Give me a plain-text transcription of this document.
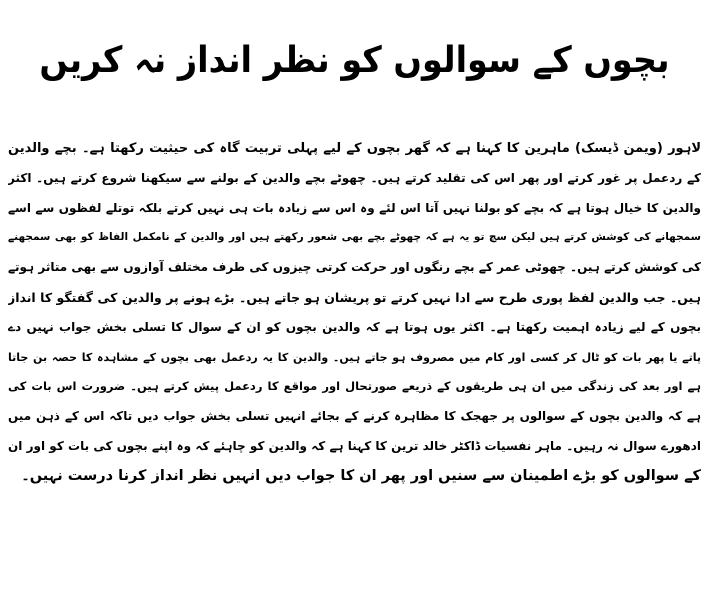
بچوں کے سوالوں کو نظر انداز نہ کریں
لاہور (ویمن ڈیسک) ماہرین کا کہنا ہے کہ گھر بچوں کے لیے پہلی تربیت گاہ کی حیثیت رکھتا ہے۔ بچے والدین
کے ردعمل پر غور کرتے اور پھر اس کی تقلید کرتے ہیں۔ چھوٹے بچے والدین کے بولنے سے سیکھنا شروع کرتے ہیں۔ اکثر
والدین کا خیال ہوتا ہے کہ بچے کو بولنا نہیں آتا اس لئے وہ اس سے زیادہ بات ہی نہیں کرتے بلکہ توتلے لفظوں سے اسے
سمجھانے کی کوشش کرتے ہیں لیکن سچ تو یہ ہے کہ چھوٹے بچے بھی شعور رکھتے ہیں اور والدین کے نامکمل الفاظ کو بھی سمجھنے
کی کوشش کرتے ہیں۔ چھوٹی عمر کے بچے رنگوں اور حرکت کرتی چیزوں کی طرف مختلف آوازوں سے بھی متاثر ہوتے
ہیں۔ جب والدین لفظ پوری طرح سے ادا نہیں کرتے تو پریشان ہو جاتے ہیں۔ بڑے ہونے پر والدین کی گفتگو کا انداز
بچوں کے لیے زیادہ اہمیت رکھتا ہے۔ اکثر یوں ہوتا ہے کہ والدین بچوں کو ان کے سوال کا تسلی بخش جواب نہیں دے
پاتے یا پھر بات کو ٹال کر کسی اور کام میں مصروف ہو جاتے ہیں۔ والدین کا یہ ردعمل بھی بچوں کے مشاہدہ کا حصہ بن جاتا
ہے اور بعد کی زندگی میں ان ہی طریقوں کے ذریعے صورتحال اور مواقع کا ردعمل پیش کرتے ہیں۔ ضرورت اس بات کی
ہے کہ والدین بچوں کے سوالوں پر جھجک کا مظاہرہ کرنے کے بجائے انہیں تسلی بخش جواب دیں تاکہ اس کے ذہن میں
ادھورے سوال نہ رہیں۔ ماہر نفسیات ڈاکٹر خالد ترین کا کہنا ہے کہ والدین کو چاہئے کہ وہ اپنے بچوں کی بات کو اور ان
کے سوالوں کو بڑے اطمینان سے سنیں اور پھر ان کا جواب دیں انہیں نظر انداز کرنا درست نہیں۔
